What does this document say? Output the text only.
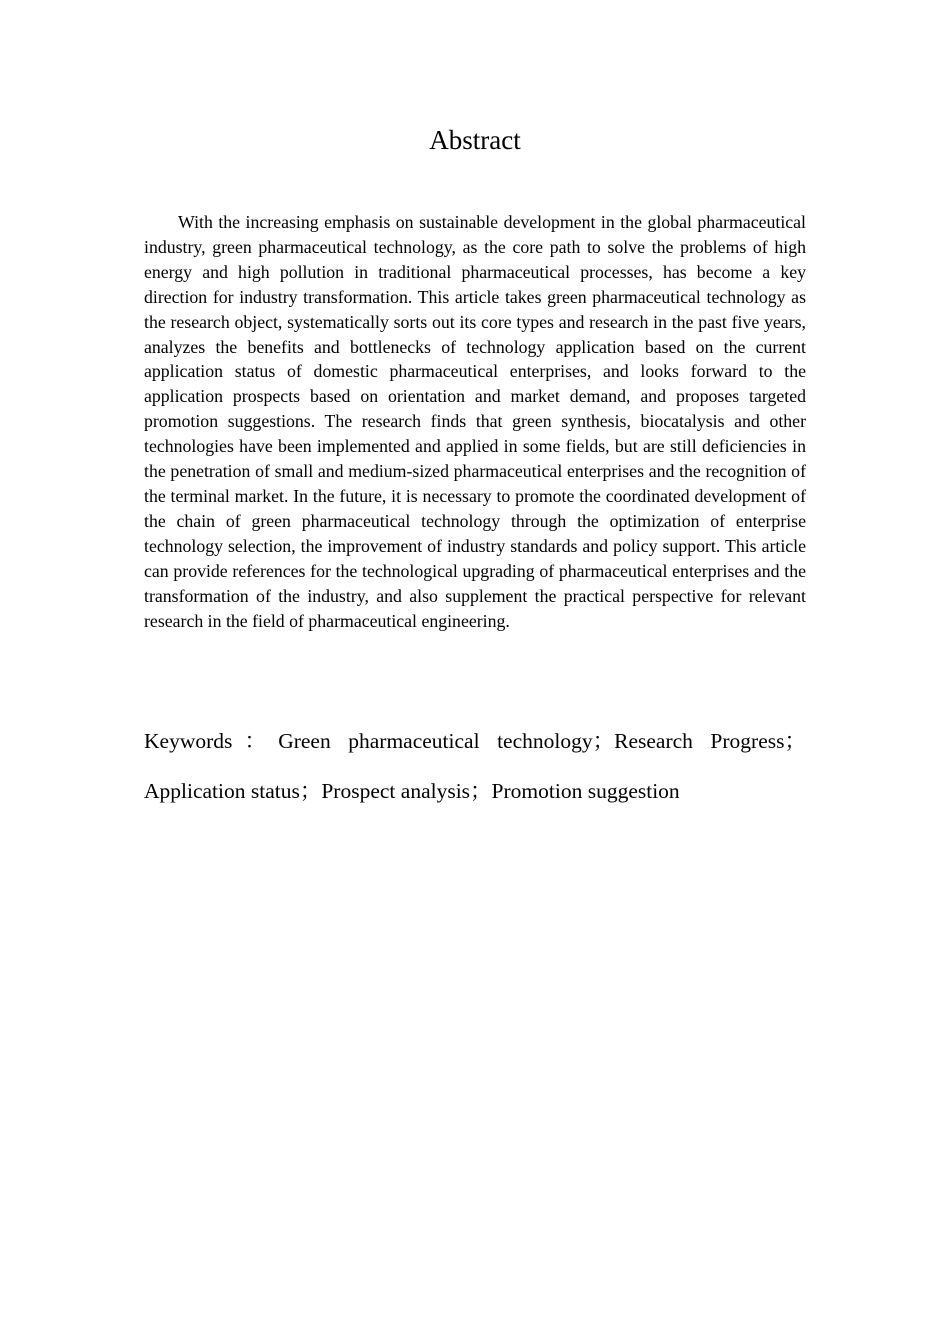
Abstract

With the increasing emphasis on sustainable development in the global pharmaceutical industry, green pharmaceutical technology, as the core path to solve the problems of high energy and high pollution in traditional pharmaceutical processes, has become a key direction for industry transformation. This article takes green pharmaceutical technology as the research object, systematically sorts out its core types and research in the past five years, analyzes the benefits and bottlenecks of technology application based on the current application status of domestic pharmaceutical enterprises, and looks forward to the application prospects based on orientation and market demand, and proposes targeted promotion suggestions. The research finds that green synthesis, biocatalysis and other technologies have been implemented and applied in some fields, but are still deficiencies in the penetration of small and medium-sized pharmaceutical enterprises and the recognition of the terminal market. In the future, it is necessary to promote the coordinated development of the chain of green pharmaceutical technology through the optimization of enterprise technology selection, the improvement of industry standards and policy support. This article can provide references for the technological upgrading of pharmaceutical enterprises and the transformation of the industry, and also supplement the practical perspective for relevant research in the field of pharmaceutical engineering.

Keywords：Green pharmaceutical technology；Research Progress；Application status；Prospect analysis；Promotion suggestion
